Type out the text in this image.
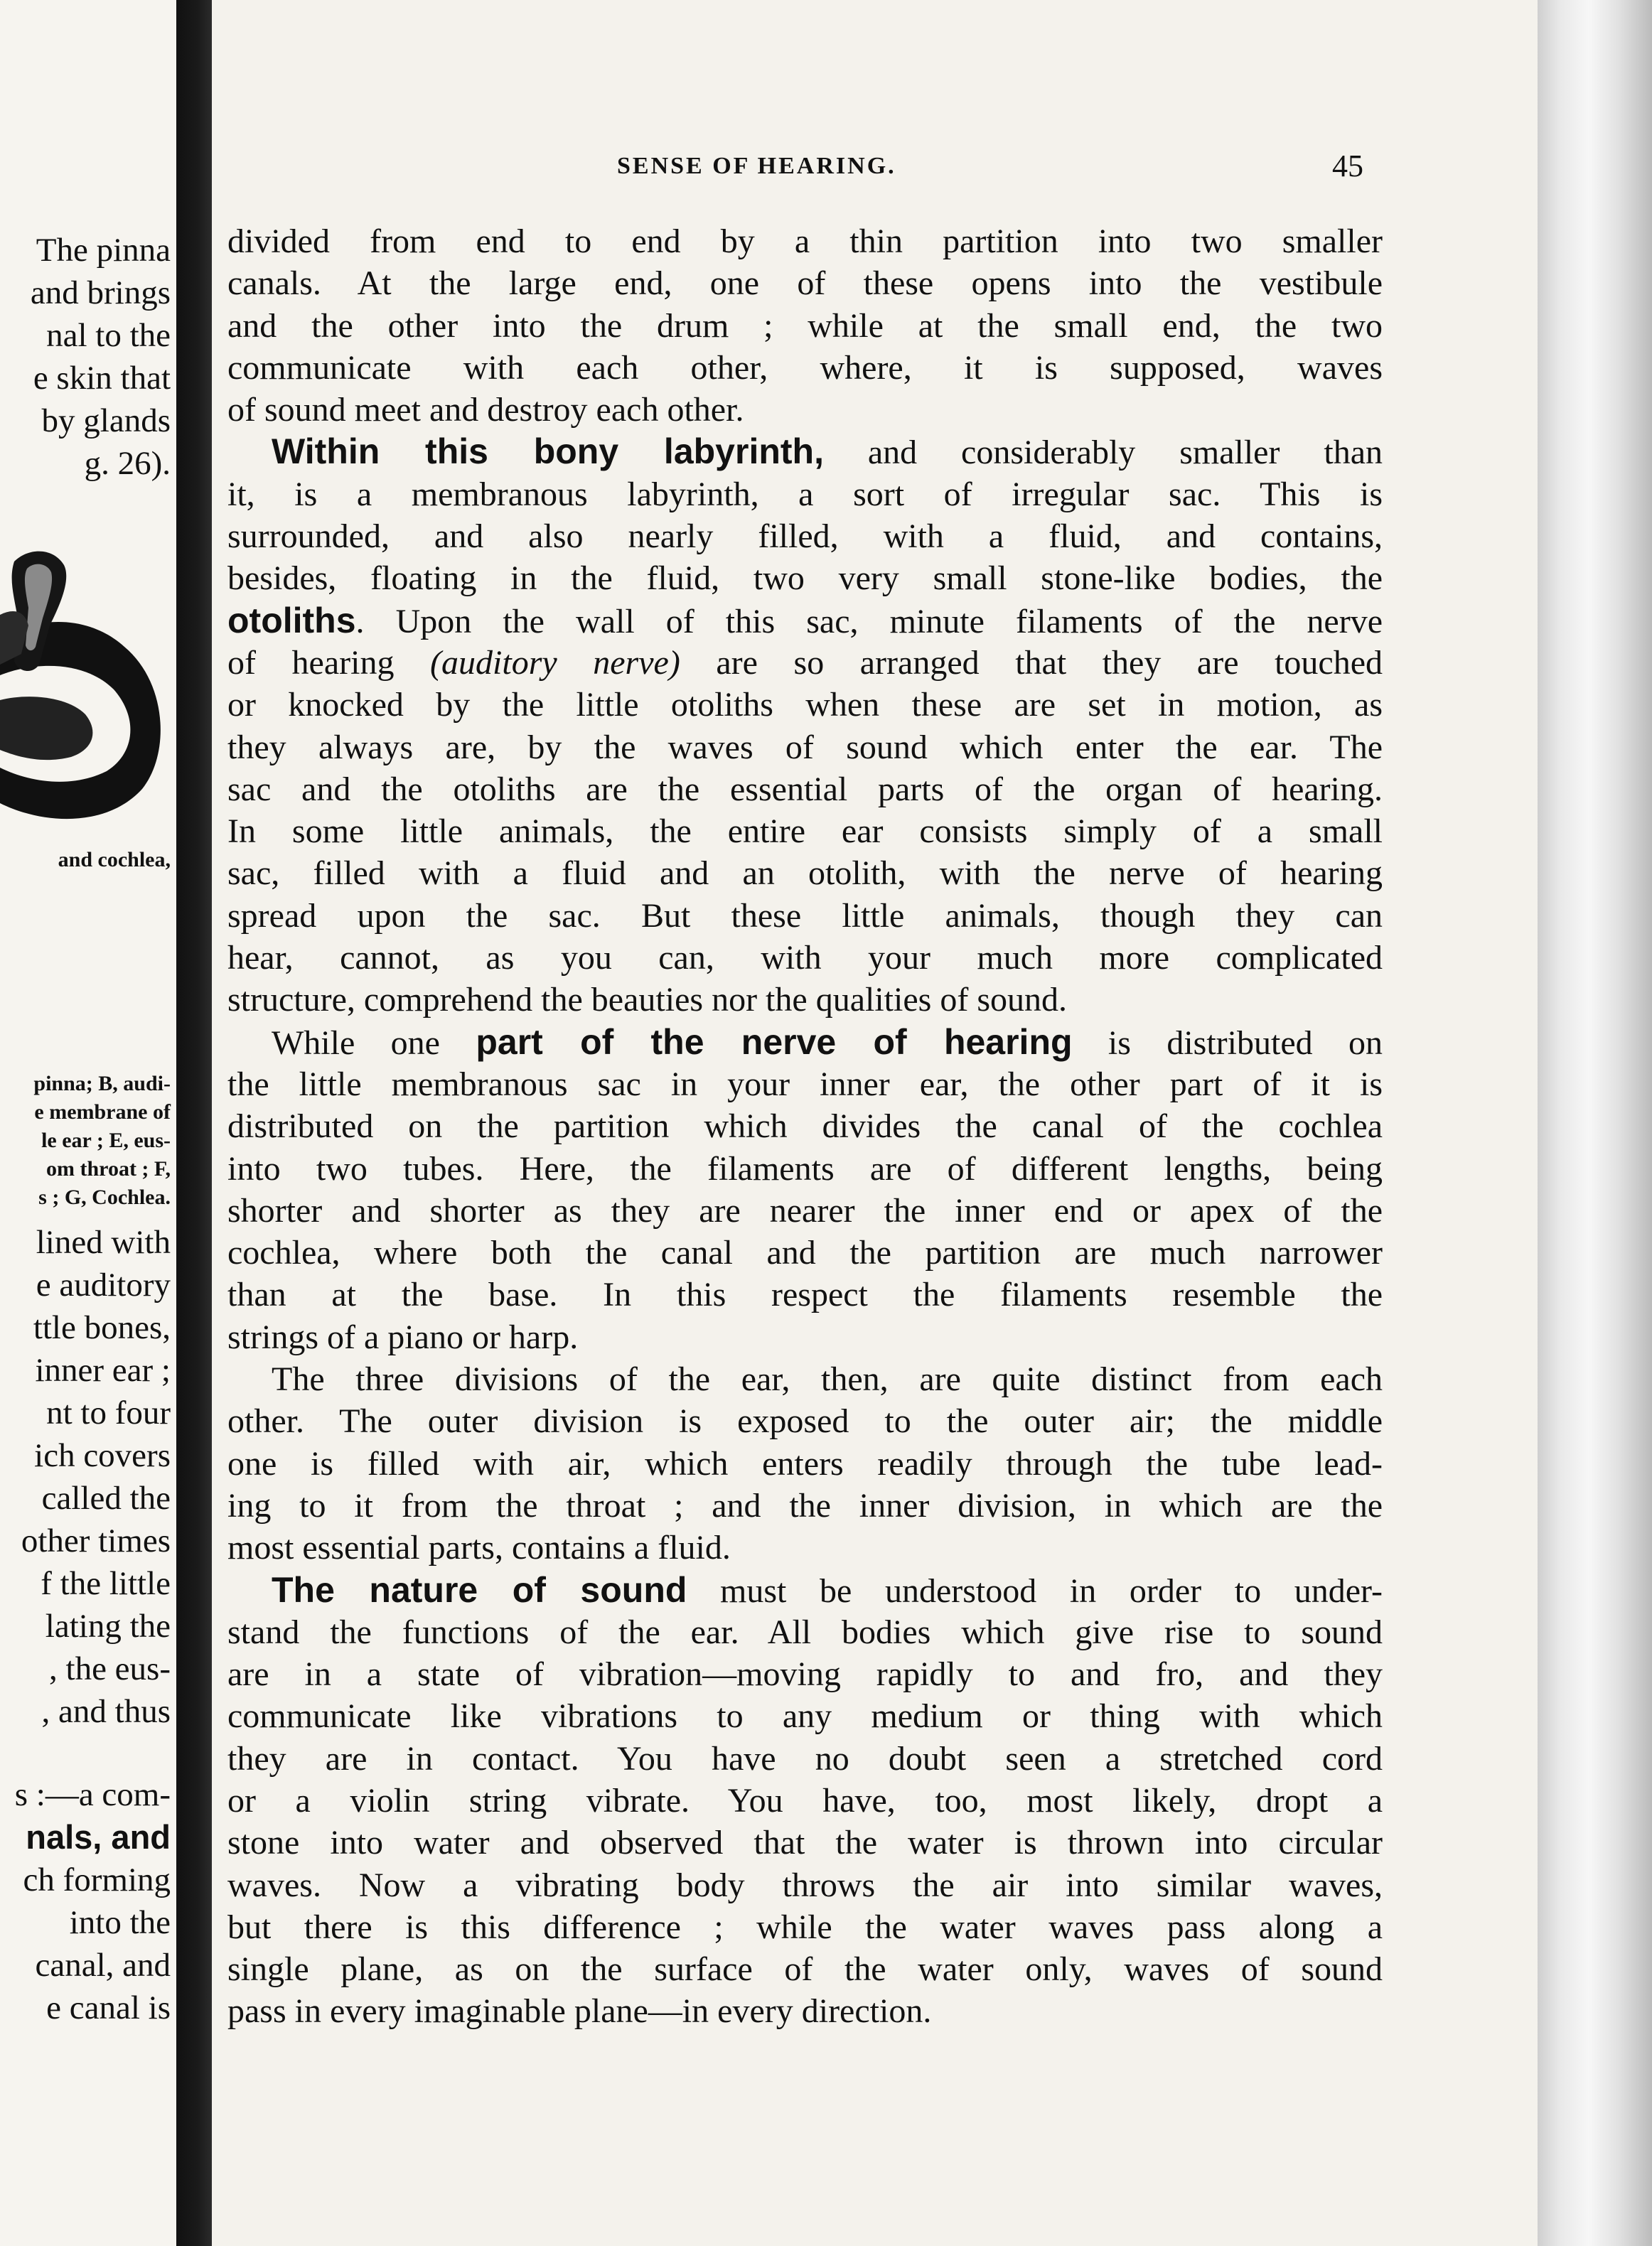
The pinna
and brings
nal to the
e skin that
by glands
g. 26).
and cochlea,
pinna; B, audi-
e membrane of
le ear ; E, eus-
om throat ; F,
s ; G, Cochlea.
lined with
e auditory
ttle bones,
inner ear ;
nt to four
ich covers
called the
other times
f the little
lating the
, the eus-
, and thus
s :—a com-
nals, and
ch forming
into the
canal, and
e canal is
SENSE OF HEARING.	45
divided from end to end by a thin partition into two smaller
canals. At the large end, one of these opens into the vestibule
and the other into the drum ; while at the small end, the two
communicate with each other, where, it is supposed, waves
of sound meet and destroy each other.
Within this bony labyrinth, and considerably smaller than
it, is a membranous labyrinth, a sort of irregular sac. This is
surrounded, and also nearly filled, with a fluid, and contains,
besides, floating in the fluid, two very small stone-like bodies, the
otoliths. Upon the wall of this sac, minute filaments of the nerve
of hearing (auditory nerve) are so arranged that they are touched
or knocked by the little otoliths when these are set in motion, as
they always are, by the waves of sound which enter the ear. The
sac and the otoliths are the essential parts of the organ of hearing.
In some little animals, the entire ear consists simply of a small
sac, filled with a fluid and an otolith, with the nerve of hearing
spread upon the sac. But these little animals, though they can
hear, cannot, as you can, with your much more complicated
structure, comprehend the beauties nor the qualities of sound.
While one part of the nerve of hearing is distributed on
the little membranous sac in your inner ear, the other part of it is
distributed on the partition which divides the canal of the cochlea
into two tubes. Here, the filaments are of different lengths, being
shorter and shorter as they are nearer the inner end or apex of the
cochlea, where both the canal and the partition are much narrower
than at the base. In this respect the filaments resemble the
strings of a piano or harp.
The three divisions of the ear, then, are quite distinct from each
other. The outer division is exposed to the outer air; the middle
one is filled with air, which enters readily through the tube lead-
ing to it from the throat ; and the inner division, in which are the
most essential parts, contains a fluid.
The nature of sound must be understood in order to under-
stand the functions of the ear. All bodies which give rise to sound
are in a state of vibration—moving rapidly to and fro, and they
communicate like vibrations to any medium or thing with which
they are in contact. You have no doubt seen a stretched cord
or a violin string vibrate. You have, too, most likely, dropt a
stone into water and observed that the water is thrown into circular
waves. Now a vibrating body throws the air into similar waves,
but there is this difference ; while the water waves pass along a
single plane, as on the surface of the water only, waves of sound
pass in every imaginable plane—in every direction.
